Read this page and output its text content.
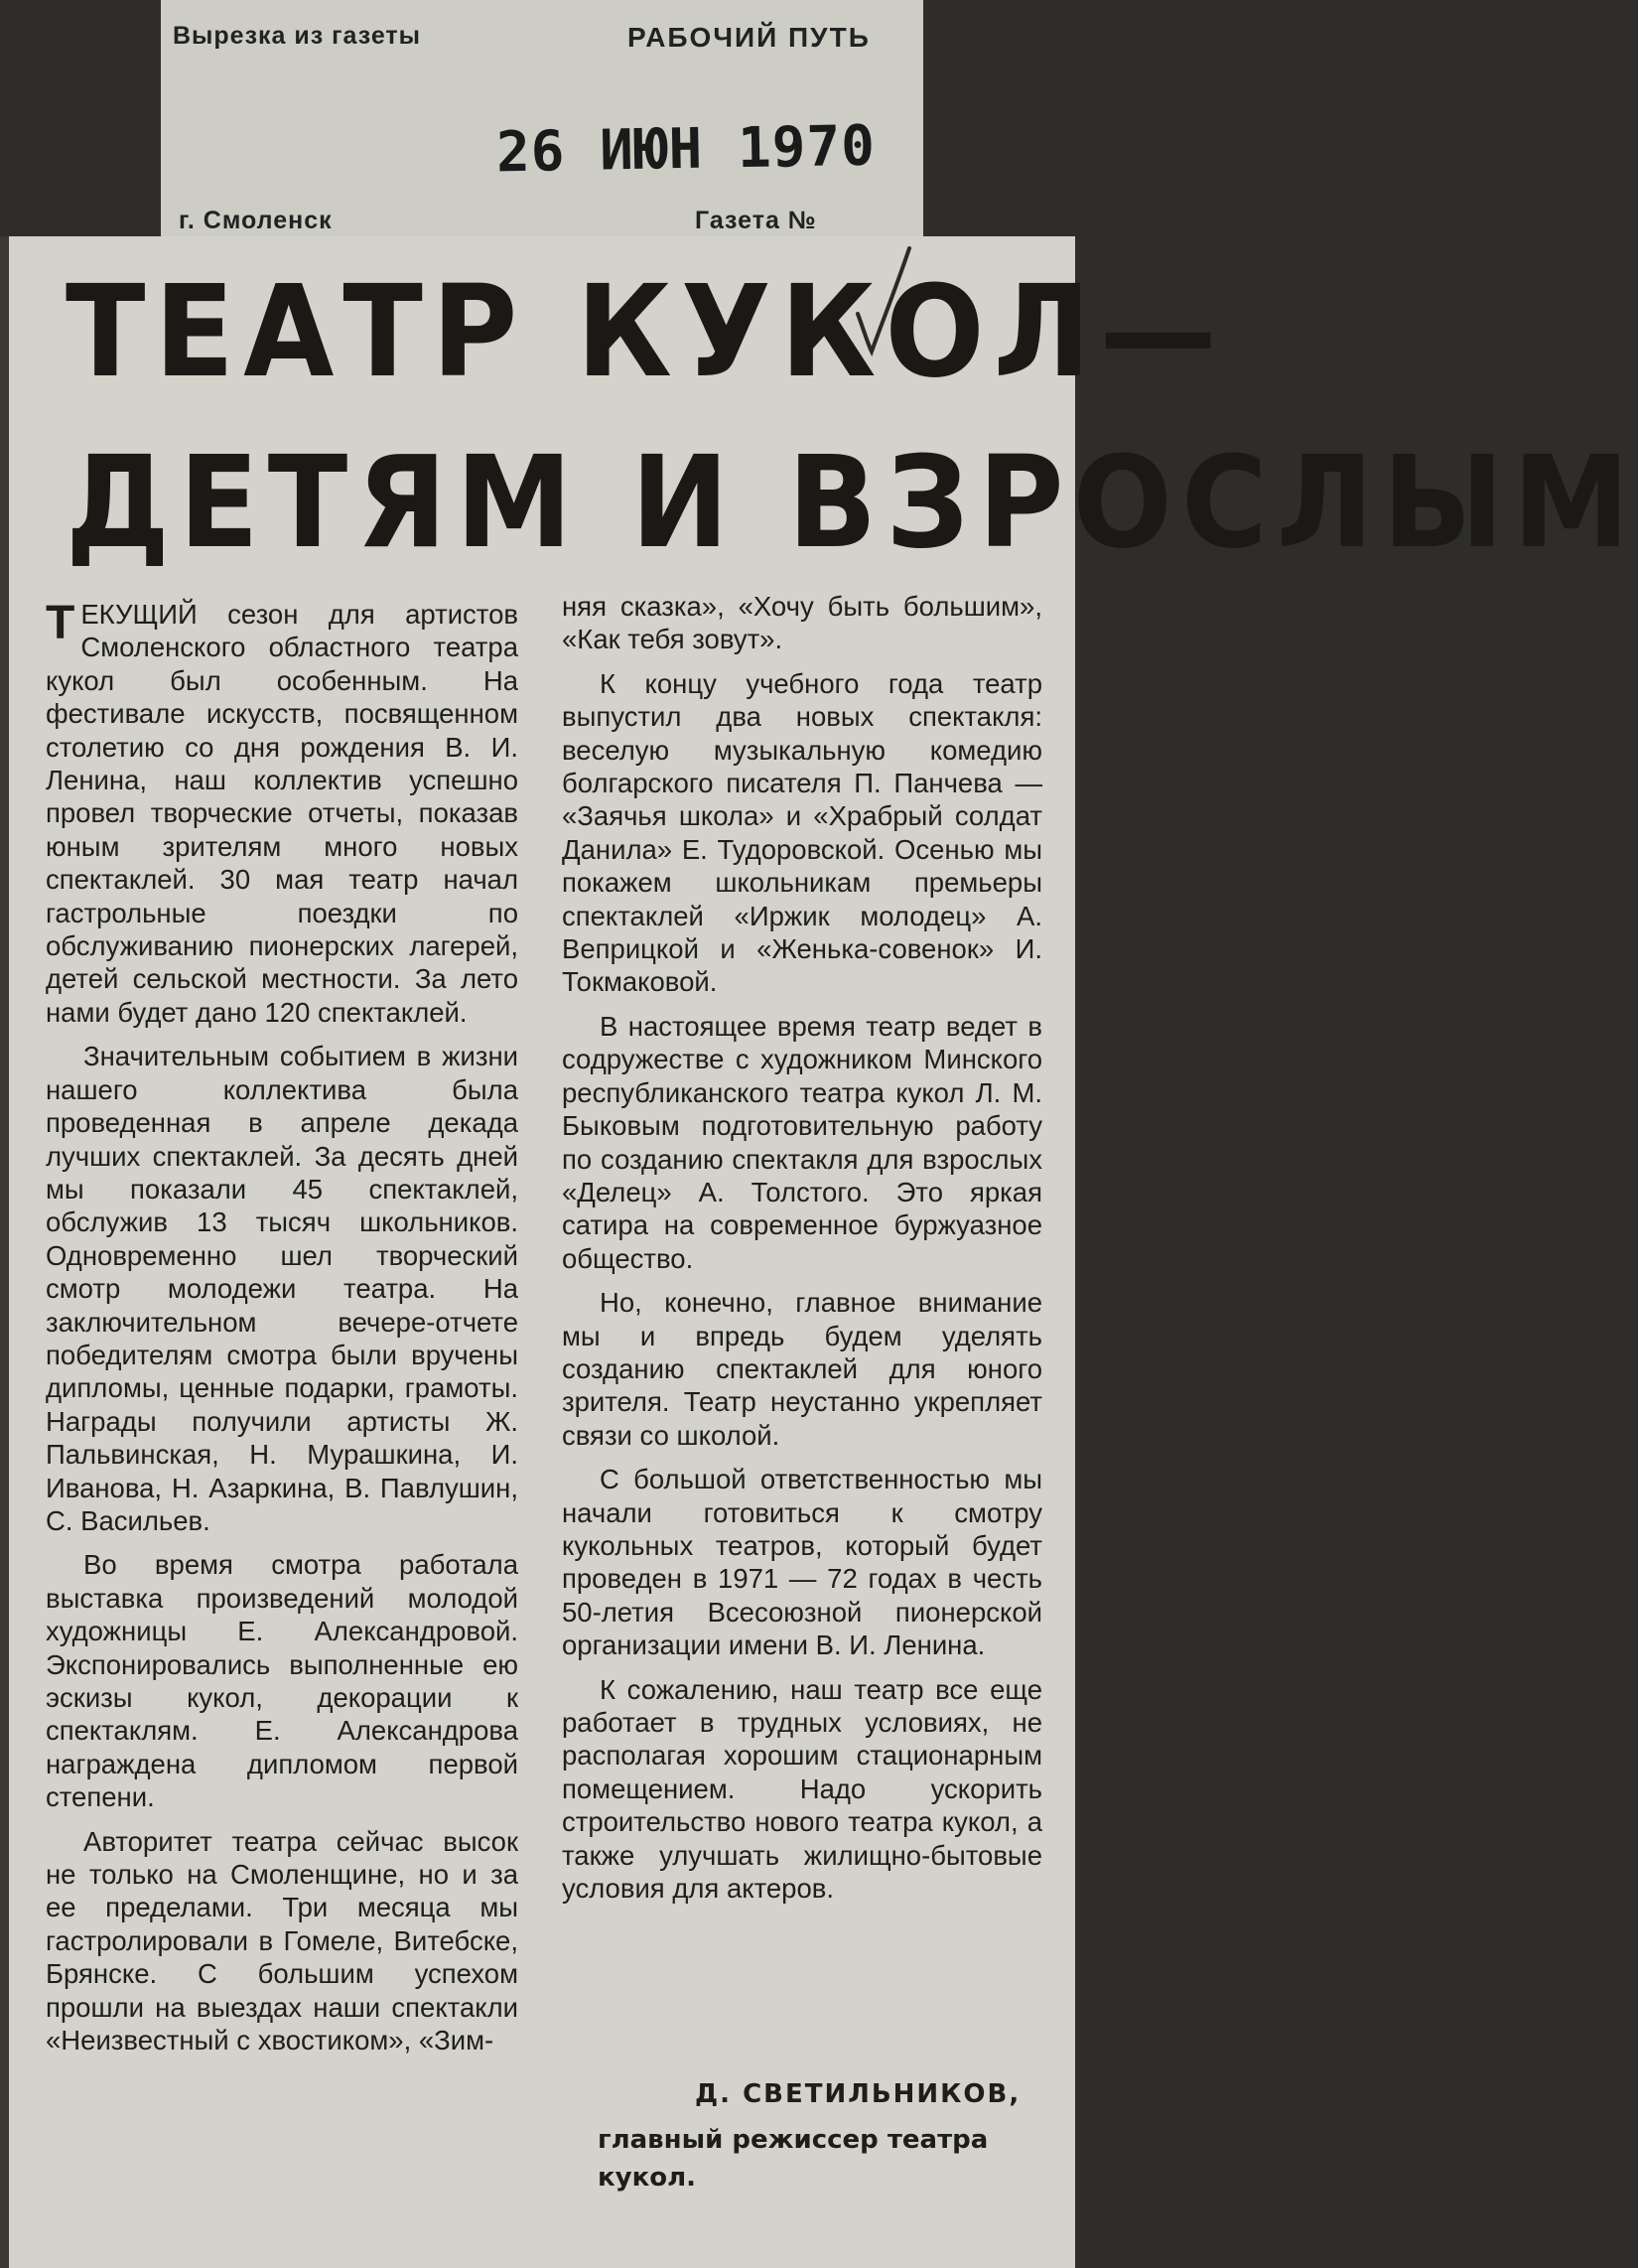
Вырезка из газеты	РАБОЧИЙ ПУТЬ
г. Смоленск	Газета №
26 ИЮН 1970
ТЕАТР КУКОЛ—
ДЕТЯМ И ВЗРОСЛЫМ

ТЕКУЩИЙ сезон для артистов Смоленского областного театра кукол был особенным. На фестивале искусств, посвященном столетию со дня рождения В. И. Ленина, наш коллектив успешно провел творческие отчеты, показав юным зрителям много новых спектаклей. 30 мая театр начал гастрольные поездки по обслуживанию пионерских лагерей, детей сельской местности. За лето нами будет дано 120 спектаклей.

Значительным событием в жизни нашего коллектива была проведенная в апреле декада лучших спектаклей. За десять дней мы показали 45 спектаклей, обслужив 13 тысяч школьников. Одновременно шел творческий смотр молодежи театра. На заключительном вечере-отчете победителям смотра были вручены дипломы, ценные подарки, грамоты. Награды получили артисты Ж. Пальвинская, Н. Мурашкина, И. Иванова, Н. Азаркина, В. Павлушин, С. Васильев.

Во время смотра работала выставка произведений молодой художницы Е. Александровой. Экспонировались выполненные ею эскизы кукол, декорации к спектаклям. Е. Александрова награждена дипломом первой степени.

Авторитет театра сейчас высок не только на Смоленщине, но и за ее пределами. Три месяца мы гастролировали в Гомеле, Витебске, Брянске. С большим успехом прошли на выездах наши спектакли «Неизвестный с хвостиком», «Зим-

няя сказка», «Хочу быть большим», «Как тебя зовут».

К концу учебного года театр выпустил два новых спектакля: веселую музыкальную комедию болгарского писателя П. Панчева — «Заячья школа» и «Храбрый солдат Данила» Е. Тудоровской. Осенью мы покажем школьникам премьеры спектаклей «Иржик молодец» А. Веприцкой и «Женька-совенок» И. Токмаковой.

В настоящее время театр ведет в содружестве с художником Минского республиканского театра кукол Л. М. Быковым подготовительную работу по созданию спектакля для взрослых «Делец» А. Толстого. Это яркая сатира на современное буржуазное общество.

Но, конечно, главное внимание мы и впредь будем уделять созданию спектаклей для юного зрителя. Театр неустанно укрепляет связи со школой.

С большой ответственностью мы начали готовиться к смотру кукольных театров, который будет проведен в 1971 — 72 годах в честь 50-летия Всесоюзной пионерской организации имени В. И. Ленина.

К сожалению, наш театр все еще работает в трудных условиях, не располагая хорошим стационарным помещением. Надо ускорить строительство нового театра кукол, а также улучшать жилищно-бытовые условия для актеров.

Д. СВЕТИЛЬНИКОВ,
главный режиссер театра кукол.
